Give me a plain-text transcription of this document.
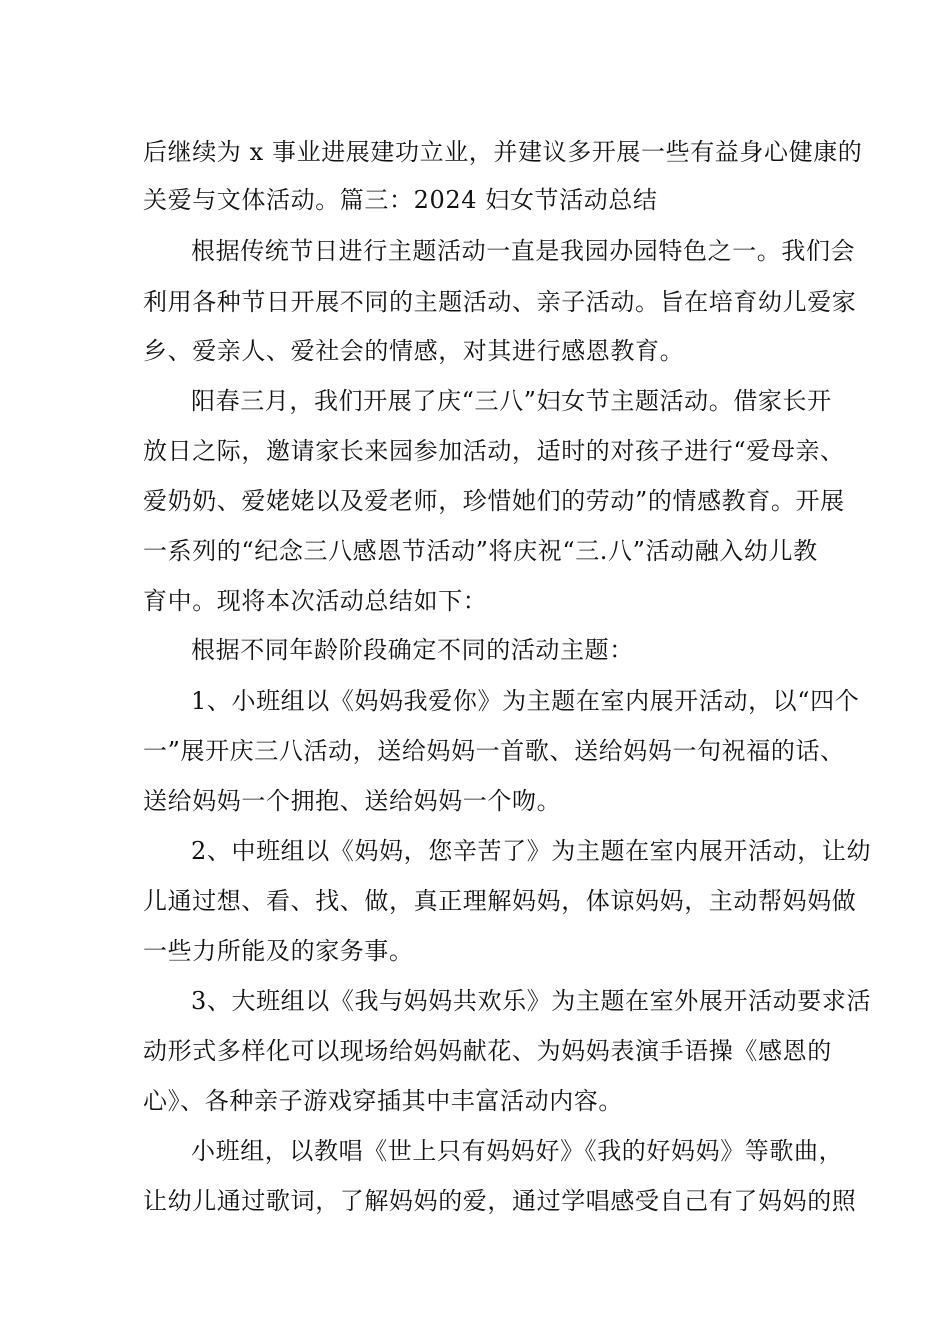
后继续为 x 事业进展建功立业，并建议多开展一些有益身心健康的
关爱与文体活动。篇三：2024 妇女节活动总结
根据传统节日进行主题活动一直是我园办园特色之一。我们会
利用各种节日开展不同的主题活动、亲子活动。旨在培育幼儿爱家
乡、爱亲人、爱社会的情感，对其进行感恩教育。
阳春三月，我们开展了庆“三八”妇女节主题活动。借家长开
放日之际，邀请家长来园参加活动，适时的对孩子进行“爱母亲、
爱奶奶、爱姥姥以及爱老师，珍惜她们的劳动”的情感教育。开展
一系列的“纪念三八感恩节活动”将庆祝“三.八”活动融入幼儿教
育中。现将本次活动总结如下：
根据不同年龄阶段确定不同的活动主题：
1、小班组以《妈妈我爱你》为主题在室内展开活动，以“四个
一”展开庆三八活动，送给妈妈一首歌、送给妈妈一句祝福的话、
送给妈妈一个拥抱、送给妈妈一个吻。
2、中班组以《妈妈，您辛苦了》为主题在室内展开活动，让幼
儿通过想、看、找、做，真正理解妈妈，体谅妈妈，主动帮妈妈做
一些力所能及的家务事。
3、大班组以《我与妈妈共欢乐》为主题在室外展开活动要求活
动形式多样化可以现场给妈妈献花、为妈妈表演手语操《感恩的
心》、各种亲子游戏穿插其中丰富活动内容。
小班组，以教唱《世上只有妈妈好》《我的好妈妈》等歌曲，
让幼儿通过歌词，了解妈妈的爱，通过学唱感受自己有了妈妈的照
